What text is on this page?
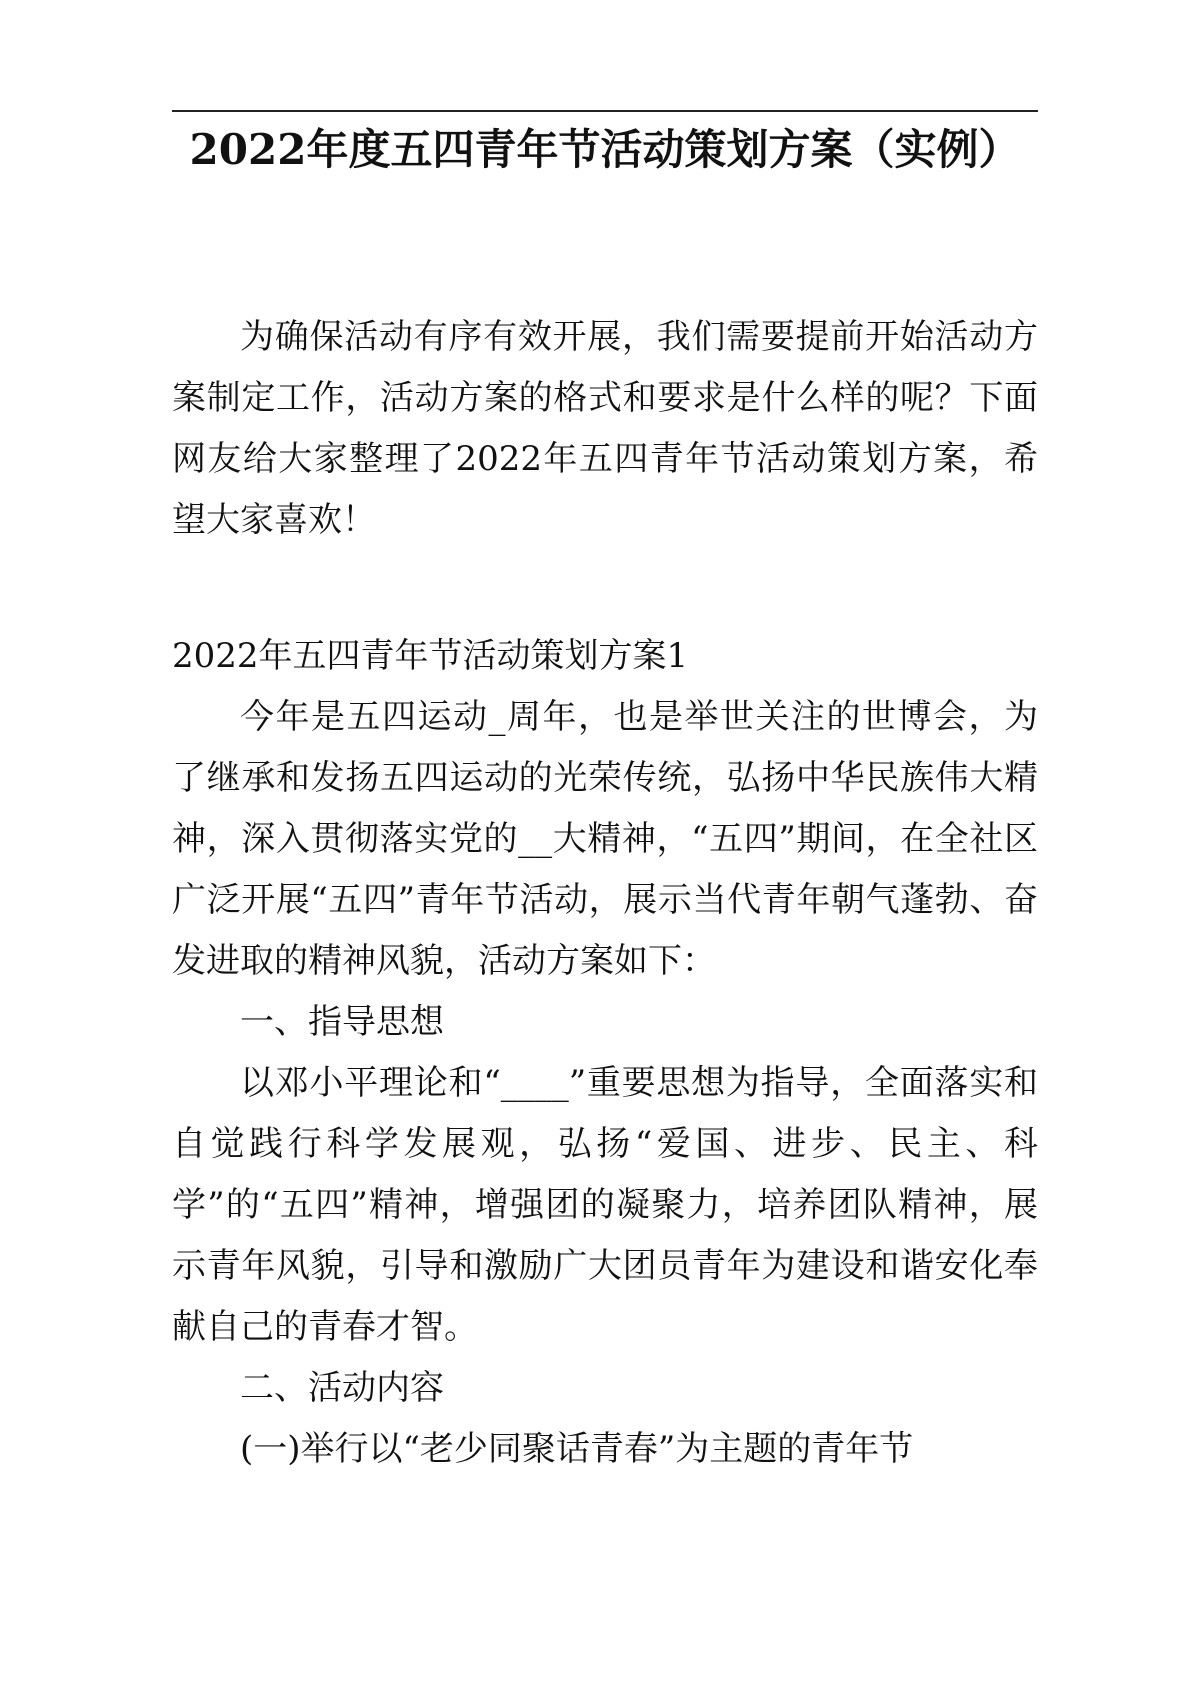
2022年度五四青年节活动策划方案（实例）

为确保活动有序有效开展，我们需要提前开始活动方案制定工作，活动方案的格式和要求是什么样的呢？下面网友给大家整理了2022年五四青年节活动策划方案，希望大家喜欢！

2022年五四青年节活动策划方案1

今年是五四运动_周年，也是举世关注的世博会，为了继承和发扬五四运动的光荣传统，弘扬中华民族伟大精神，深入贯彻落实党的__大精神，“五四”期间，在全社区广泛开展“五四”青年节活动，展示当代青年朝气蓬勃、奋发进取的精神风貌，活动方案如下：

一、指导思想

以邓小平理论和“____”重要思想为指导，全面落实和自觉践行科学发展观，弘扬“爱国、进步、民主、科学”的“五四”精神，增强团的凝聚力，培养团队精神，展示青年风貌，引导和激励广大团员青年为建设和谐安化奉献自己的青春才智。

二、活动内容

(一)举行以“老少同聚话青春”为主题的青年节
